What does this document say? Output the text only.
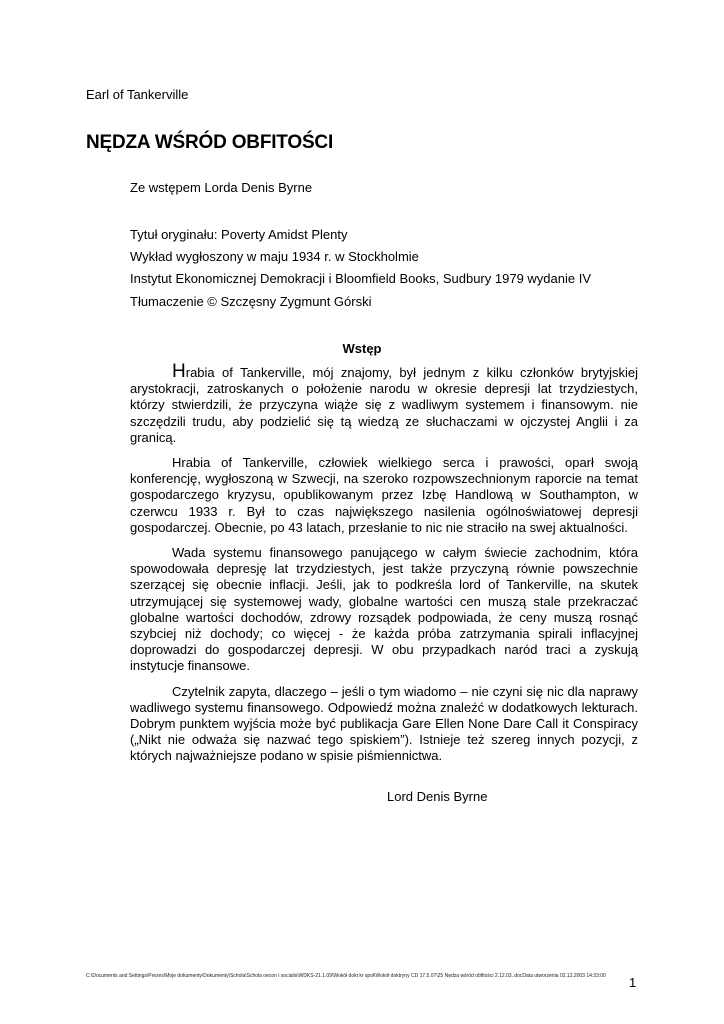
Earl of Tankerville
NĘDZA WŚRÓD OBFITOŚCI
Ze wstępem Lorda Denis Byrne
Tytuł oryginału: Poverty Amidst Plenty
Wykład wygłoszony w maju 1934 r. w Stockholmie
Instytut Ekonomicznej Demokracji i Bloomfield Books, Sudbury 1979 wydanie IV
Tłumaczenie © Szczęsny Zygmunt Górski
Wstęp

Hrabia of Tankerville, mój znajomy, był jednym z kilku członków brytyjskiej arystokracji, zatroskanych o położenie narodu w okresie depresji lat trzydziestych, którzy stwierdzili, że przyczyna wiąże się z wadliwym systemem i finansowym. nie szczędzili trudu, aby podzielić się tą wiedzą ze słuchaczami w ojczystej Anglii i za granicą.

Hrabia of Tankerville, człowiek wielkiego serca i prawości, oparł swoją konferencję, wygłoszoną w Szwecji, na szeroko rozpowszechnionym raporcie na temat gospodarczego kryzysu, opublikowanym przez Izbę Handlową w Southampton, w czerwcu 1933 r. Był to czas największego nasilenia ogólnoświatowej depresji gospodarczej. Obecnie, po 43 latach, przesłanie to nic nie straciło na swej aktualności.

Wada systemu finansowego panującego w całym świecie zachodnim, która spowodowała depresję lat trzydziestych, jest także przyczyną równie powszechnie szerzącej się obecnie inflacji. Jeśli, jak to podkreśla lord of Tankerville, na skutek utrzymującej się systemowej wady, globalne wartości cen muszą stale przekraczać globalne wartości dochodów, zdrowy rozsądek podpowiada, że ceny muszą rosnąć szybciej niż dochody; co więcej - że każda próba zatrzymania spirali inflacyjnej doprowadzi do gospodarczej depresji. W obu przypadkach naród traci a zyskują instytucje finansowe.

Czytelnik zapyta, dlaczego – jeśli o tym wiadomo – nie czyni się nic dla naprawy wadliwego systemu finansowego. Odpowiedź można znaleźć w dodatkowych lekturach. Dobrym punktem wyjścia może być publikacja Gare Ellen None Dare Call it Conspiracy („Nikt nie odważa się nazwać tego spiskiem”). Istnieje też szereg innych pozycji, z których najważniejsze podano w spisie piśmiennictwa.

Lord Denis Byrne
C:\Documents and Settings\Prezes\Moje dokumenty\Dokumenty\Schola\Schola oecon i socialis\WDKS-21.1.09\Wokół dokt kr społ\Wokół doktryny CD 17.5.07\25 Nędza wśród obfitości 2.12.03..docData utworzenia 02.12.2003 14:33:00 1
